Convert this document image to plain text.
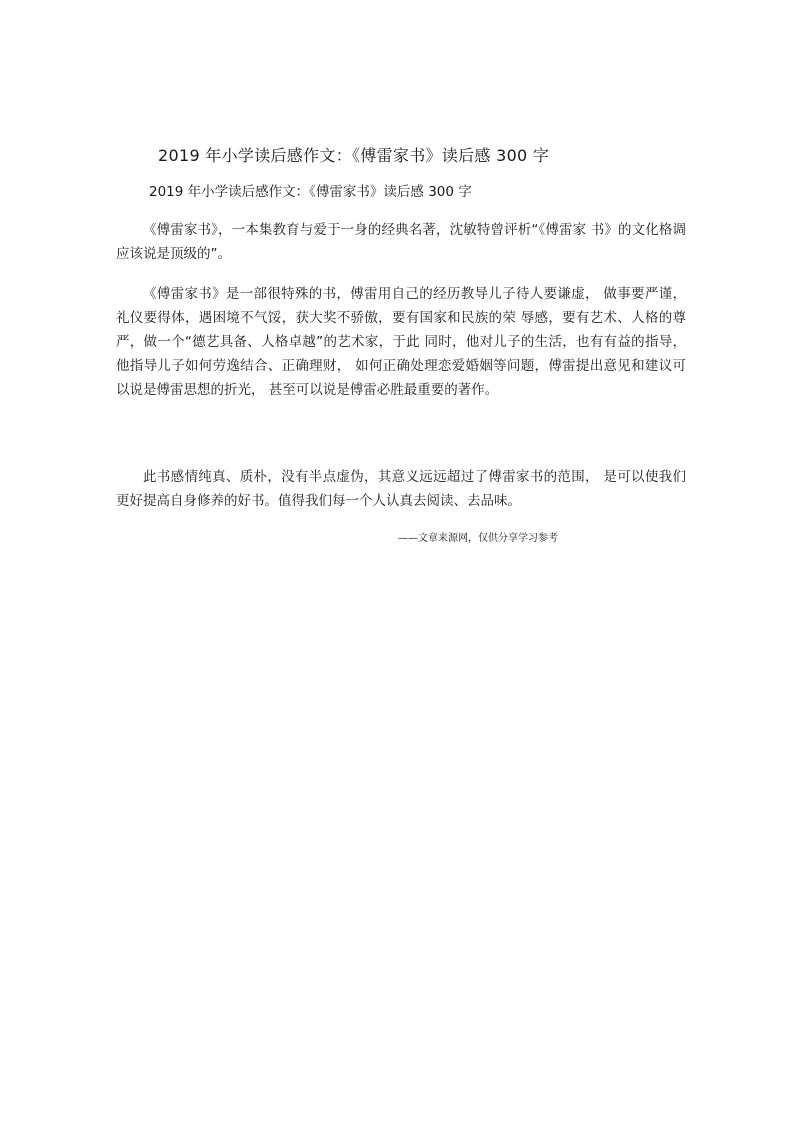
2019 年小学读后感作文：《傅雷家书》读后感 300 字
2019 年小学读后感作文：《傅雷家书》读后感 300 字

《傅雷家书》，一本集教育与爱于一身的经典名著，沈敏特曾评析“《傅雷家 书》的文化格调应该说是顶级的”。

《傅雷家书》是一部很特殊的书，傅雷用自己的经历教导儿子待人要谦虚， 做事要严谨，礼仪要得体，遇困境不气馁，获大奖不骄傲，要有国家和民族的荣 辱感，要有艺术、人格的尊严，做一个“德艺具备、人格卓越”的艺术家，于此 同时，他对儿子的生活，也有有益的指导，他指导儿子如何劳逸结合、正确理财， 如何正确处理恋爱婚姻等问题，傅雷提出意见和建议可以说是傅雷思想的折光， 甚至可以说是傅雷必胜最重要的著作。

此书感情纯真、质朴，没有半点虚伪，其意义远远超过了傅雷家书的范围， 是可以使我们更好提高自身修养的好书。值得我们每一个人认真去阅读、去品味。

——文章来源网，仅供分享学习参考
